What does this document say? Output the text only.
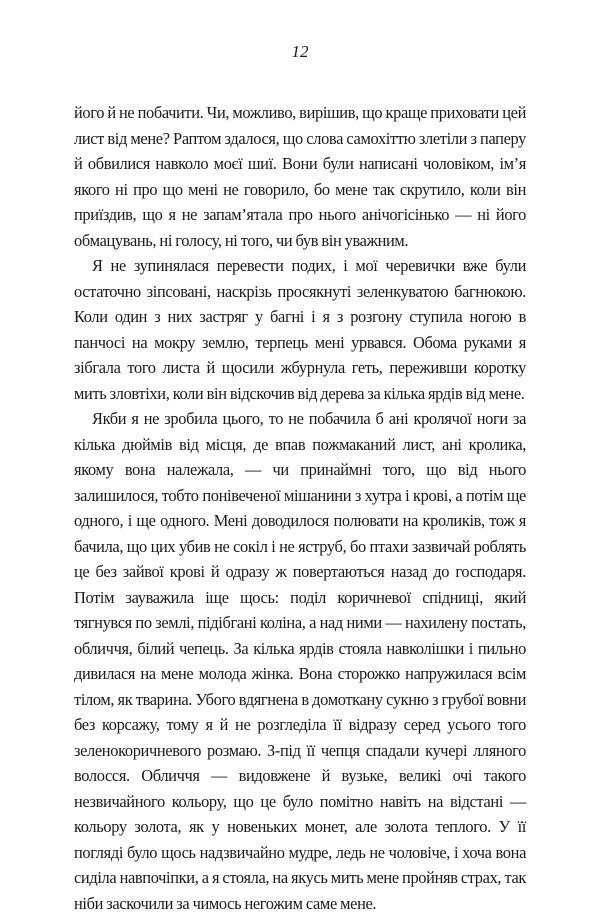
12

його й не побачити. Чи, можливо, вирішив, що краще приховати цей лист від мене? Раптом здалося, що слова самохіттю злетіли з паперу й обвилися навколо моєї шиї. Вони були написані чоловіком, ім’я якого ні про що мені не говорило, бо мене так скрутило, коли він приїздив, що я не запам’ятала про нього анічогісінько — ні його обмацувань, ні голосу, ні того, чи був він уважним.

Я не зупинялася перевести подих, і мої черевички вже були остаточно зіпсовані, наскрізь просякнуті зеленкуватою багнюкою. Коли один з них застряг у багні і я з розгону ступила ногою в панчосі на мокру землю, терпець мені урвався. Обома руками я зібгала того листа й щосили жбурнула геть, переживши коротку мить зловтіхи, коли він відскочив від дерева за кілька ярдів від мене.

Якби я не зробила цього, то не побачила б ані кролячої ноги за кілька дюймів від місця, де впав пожмаканий лист, ані кролика, якому вона належала, — чи принаймні того, що від нього залишилося, тобто понівеченої мішанини з хутра і крові, а потім ще одного, і ще одного. Мені доводилося полювати на кроликів, тож я бачила, що цих убив не сокіл і не яструб, бо птахи зазвичай роблять це без зайвої крові й одразу ж повертаються назад до господаря. Потім зауважила іще щось: поділ коричневої спідниці, який тягнувся по землі, підібгані коліна, а над ними — нахилену постать, обличчя, білий чепець. За кілька ярдів стояла навколішки і пильно дивилася на мене молода жінка. Вона сторожко напружилася всім тілом, як тварина. Убого вдягнена в домоткану сукню з грубої вовни без корсажу, тому я й не розгледіла її відразу серед усього того зеленокоричневого розмаю. З-під її чепця спадали кучері лляного волосся. Обличчя — видовжене й вузьке, великі очі такого незвичайного кольору, що це було помітно навіть на відстані — кольору золота, як у новеньких монет, але золота теплого. У її погляді було щось надзвичайно мудре, ледь не чоловіче, і хоча вона сиділа навпочіпки, а я стояла, на якусь мить мене пройняв страх, так ніби заскочили за чимось негожим саме мене.
